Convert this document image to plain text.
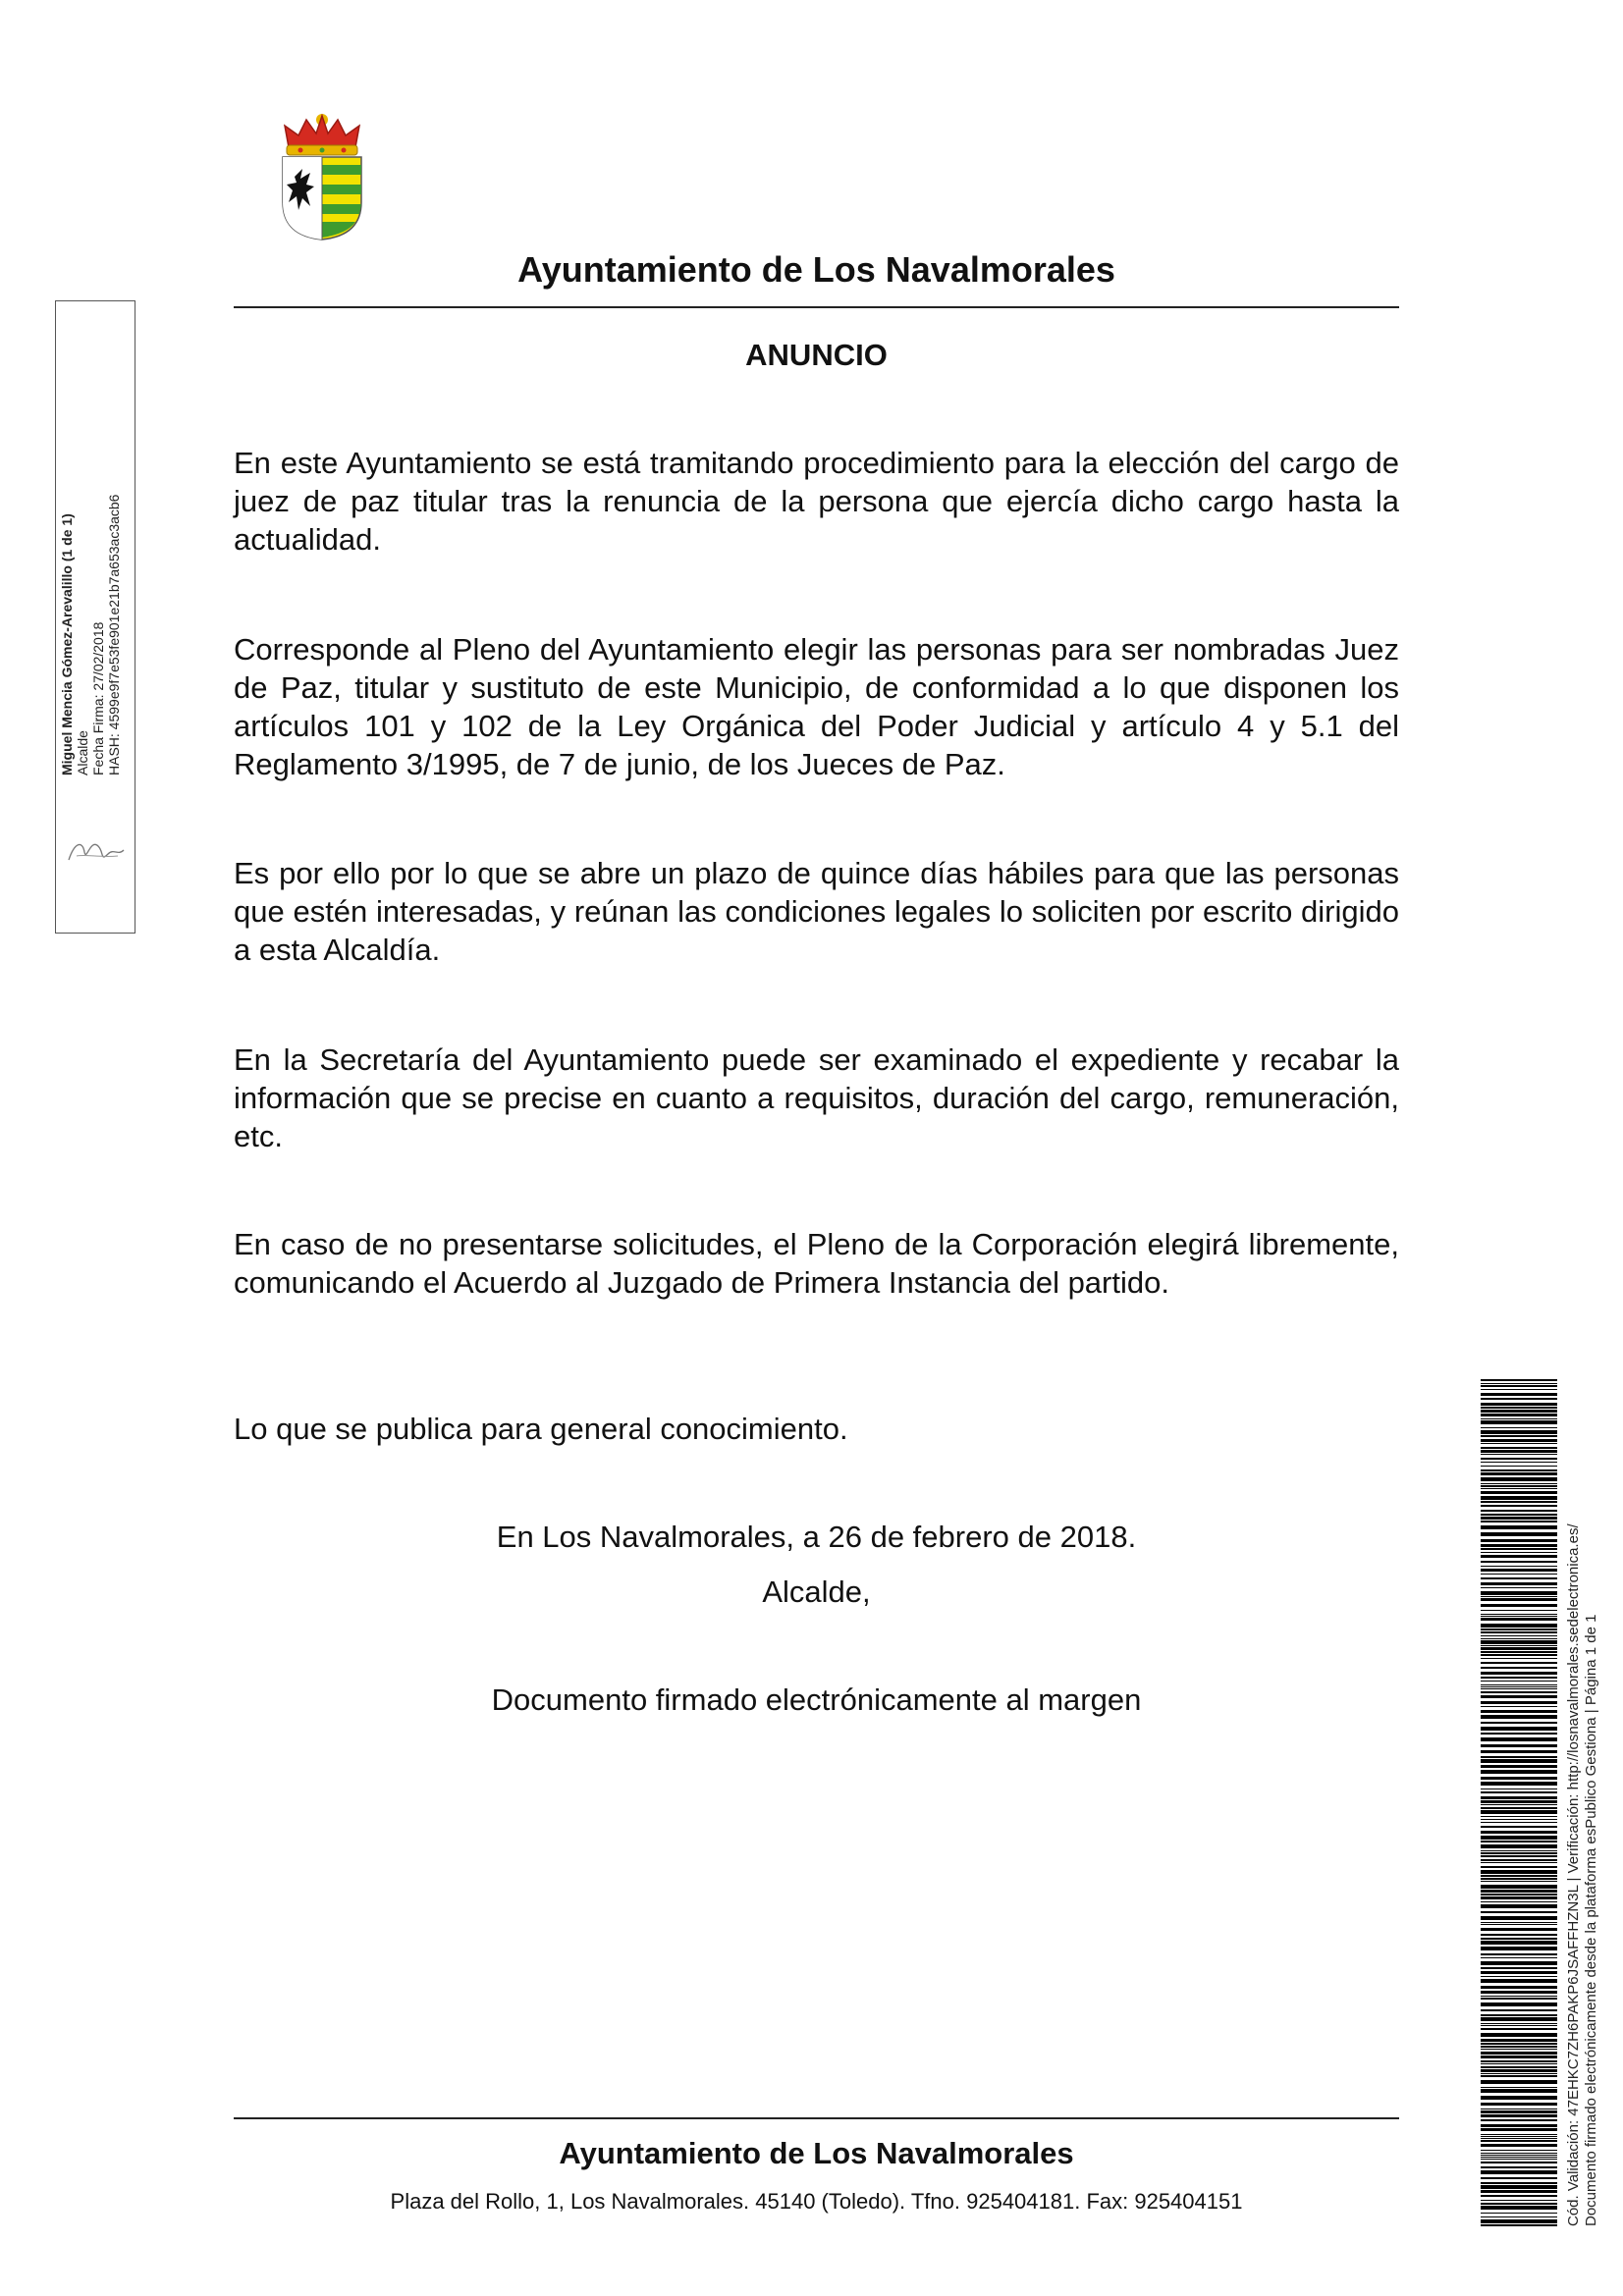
Ayuntamiento de Los Navalmorales
ANUNCIO

En este Ayuntamiento se está tramitando procedimiento para la elección del cargo de juez de paz titular tras la renuncia de la persona que ejercía dicho cargo hasta la actualidad.

Corresponde al Pleno del Ayuntamiento elegir las personas para ser nombradas Juez de Paz, titular y sustituto de este Municipio, de conformidad a lo que disponen los artículos 101 y 102 de la Ley Orgánica del Poder Judicial y artículo 4 y 5.1 del Reglamento 3/1995, de 7 de junio, de los Jueces de Paz.

Es por ello por lo que se abre un plazo de quince días hábiles para que las personas que estén interesadas, y reúnan las condiciones legales lo soliciten por escrito dirigido a esta Alcaldía.

En la Secretaría del Ayuntamiento puede ser examinado el expediente y recabar la información que se precise en cuanto a requisitos, duración del cargo, remuneración, etc.

En caso de no presentarse solicitudes, el Pleno de la Corporación elegirá libremente, comunicando el Acuerdo al Juzgado de Primera Instancia del partido.

Lo que se publica para general conocimiento.

En Los Navalmorales, a 26 de febrero de 2018.
Alcalde,
Documento firmado electrónicamente al margen
Miguel Mencia Gómez-Arevalillo (1 de 1) Alcalde Fecha Firma: 27/02/2018 HASH: 4599e9f7e53fe901e21b7a653ac3acb6
Cód. Validación: 47EHKC7ZH6PAKP6JSAFFHZN3L | Verificación: http://losnavalmorales.sedelectronica.es/ Documento firmado electrónicamente desde la plataforma esPublico Gestiona | Página 1 de 1
Ayuntamiento de Los Navalmorales
Plaza del Rollo, 1, Los Navalmorales. 45140 (Toledo). Tfno. 925404181. Fax: 925404151
